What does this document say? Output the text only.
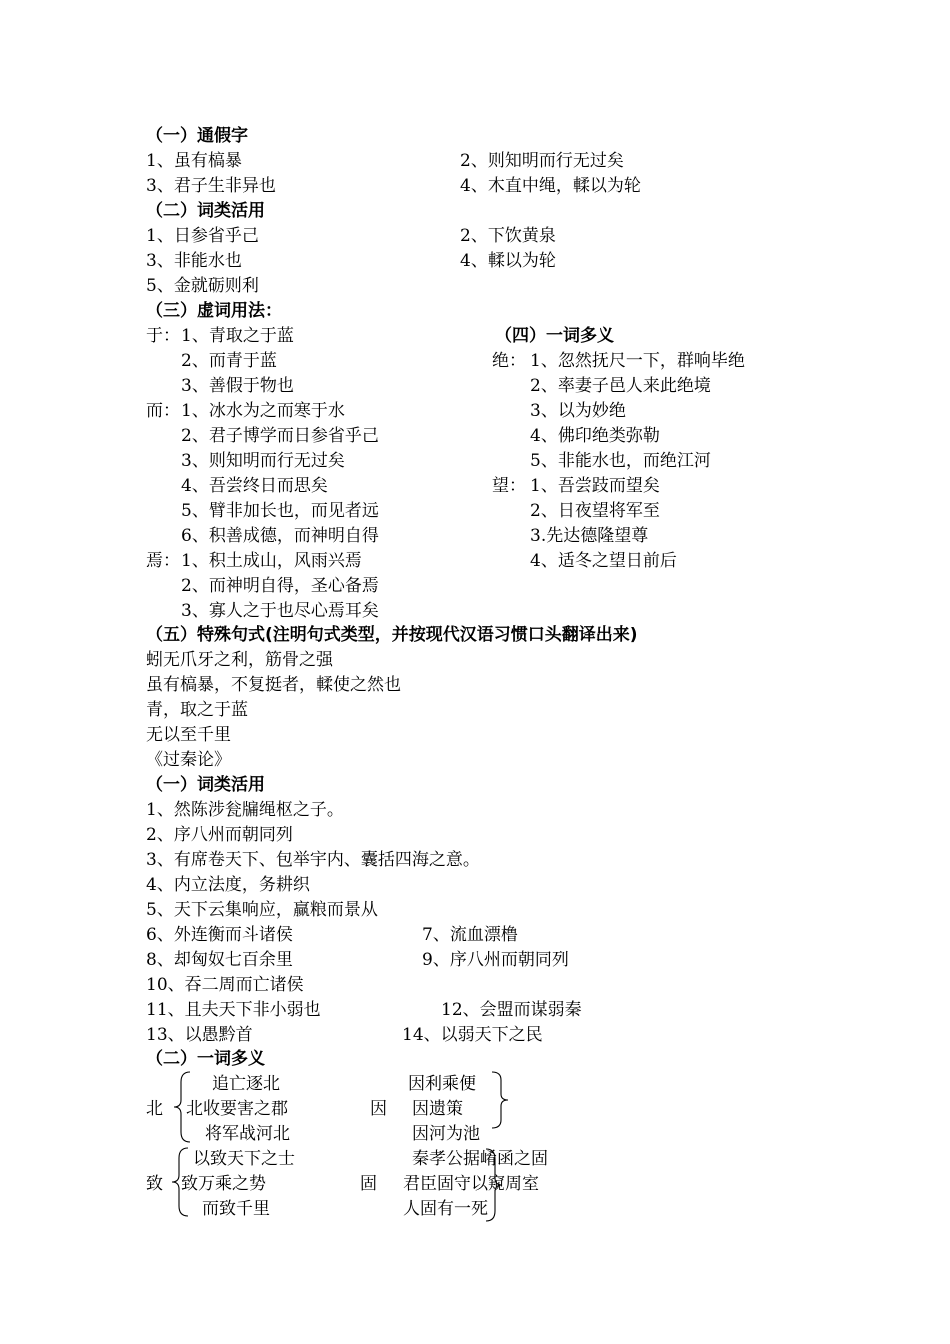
（一）通假字
1、虽有槁暴	2、则知明而行无过矣
3、君子生非异也	4、木直中绳，輮以为轮
（二）词类活用
1、日参省乎己	2、下饮黄泉
3、非能水也	4、輮以为轮
5、金就砺则利
（三）虚词用法：
于： 1、青取之于蓝
2、而青于蓝
3、善假于物也
而： 1、冰水为之而寒于水
2、君子博学而日参省乎己
3、则知明而行无过矣
4、吾尝终日而思矣
5、臂非加长也，而见者远
6、积善成德，而神明自得
焉： 1、积土成山，风雨兴焉
2、而神明自得，圣心备焉
3、寡人之于也尽心焉耳矣
（四）一词多义
绝： 1、忽然抚尺一下，群响毕绝
2、率妻子邑人来此绝境
3、以为妙绝
4、佛印绝类弥勒
5、非能水也，而绝江河
望： 1、吾尝跂而望矣
2、日夜望将军至
3.先达德隆望尊
4、适冬之望日前后
（五）特殊句式(注明句式类型，并按现代汉语习惯口头翻译出来)
蚓无爪牙之利，筋骨之强
虽有槁暴，不复挺者，輮使之然也
青，取之于蓝
无以至千里
《过秦论》
（一）词类活用
1、然陈涉瓮牖绳枢之子。
2、序八州而朝同列
3、有席卷天下、包举宇内、囊括四海之意。
4、内立法度，务耕织
5、天下云集响应，赢粮而景从
6、外连衡而斗诸侯	7、流血漂橹
8、却匈奴七百余里	9、序八州而朝同列
10、吞二周而亡诸侯
11、且夫天下非小弱也	12、会盟而谋弱秦
13、以愚黔首	14、以弱天下之民
（二）一词多义
北
追亡逐北
北收要害之郡
将军战河北
因
因利乘便
因遗策
因河为池
致
以致天下之士
致万乘之势
而致千里
固
秦孝公据崤函之固
君臣固守以窥周室
人固有一死
